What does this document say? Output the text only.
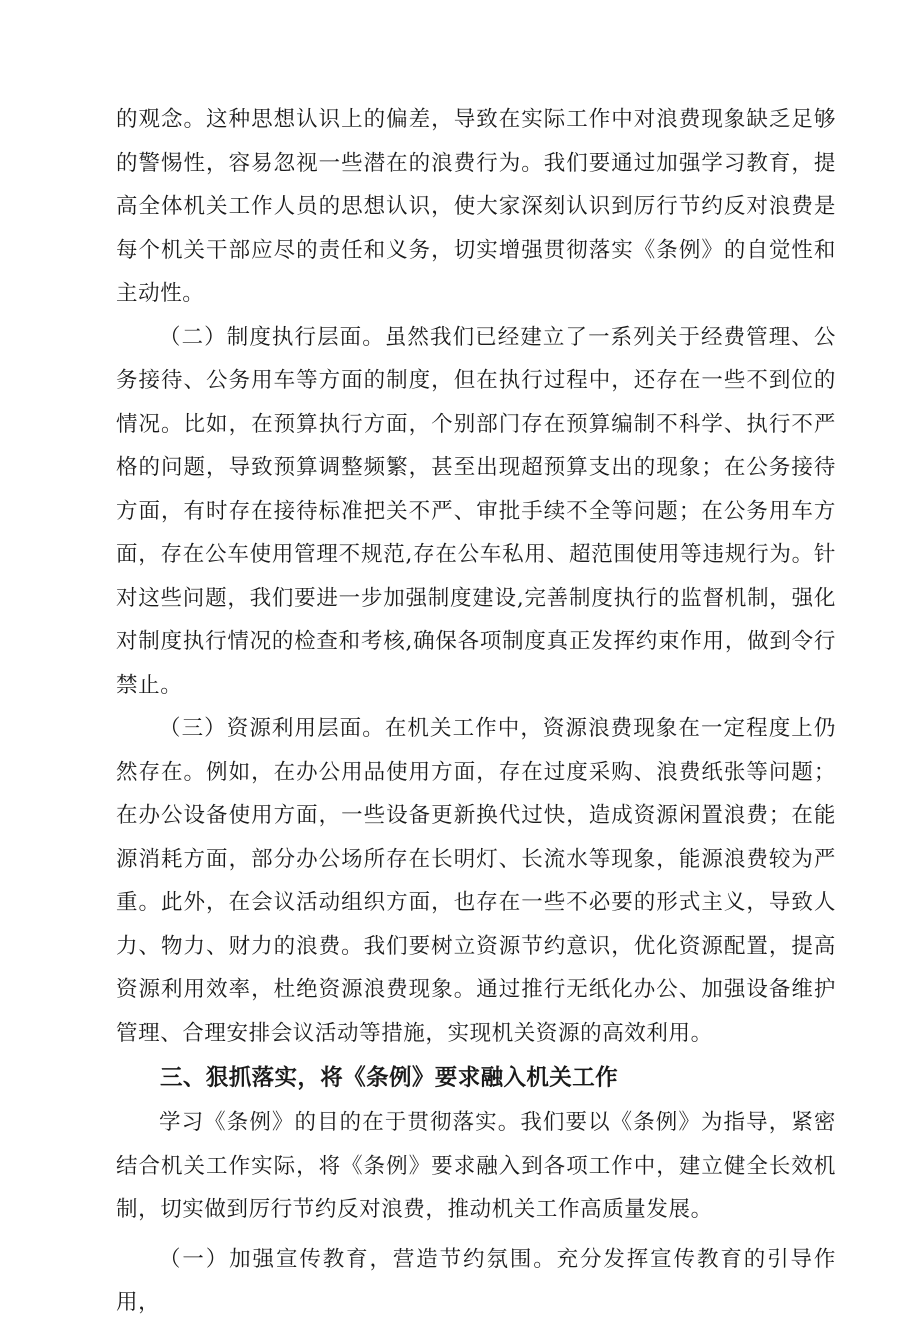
的观念。这种思想认识上的偏差，导致在实际工作中对浪费现象缺乏足够的警惕性，容易忽视一些潜在的浪费行为。我们要通过加强学习教育，提高全体机关工作人员的思想认识，使大家深刻认识到厉行节约反对浪费是每个机关干部应尽的责任和义务，切实增强贯彻落实《条例》的自觉性和主动性。

（二）制度执行层面。虽然我们已经建立了一系列关于经费管理、公务接待、公务用车等方面的制度，但在执行过程中，还存在一些不到位的情况。比如，在预算执行方面，个别部门存在预算编制不科学、执行不严格的问题，导致预算调整频繁，甚至出现超预算支出的现象；在公务接待方面，有时存在接待标准把关不严、审批手续不全等问题；在公务用车方面，存在公车使用管理不规范,存在公车私用、超范围使用等违规行为。针对这些问题，我们要进一步加强制度建设,完善制度执行的监督机制，强化对制度执行情况的检查和考核,确保各项制度真正发挥约束作用，做到令行禁止。

（三）资源利用层面。在机关工作中，资源浪费现象在一定程度上仍然存在。例如，在办公用品使用方面，存在过度采购、浪费纸张等问题；在办公设备使用方面，一些设备更新换代过快，造成资源闲置浪费；在能源消耗方面，部分办公场所存在长明灯、长流水等现象，能源浪费较为严重。此外，在会议活动组织方面，也存在一些不必要的形式主义，导致人力、物力、财力的浪费。我们要树立资源节约意识，优化资源配置，提高资源利用效率，杜绝资源浪费现象。通过推行无纸化办公、加强设备维护管理、合理安排会议活动等措施，实现机关资源的高效利用。

三、狠抓落实，将《条例》要求融入机关工作

学习《条例》的目的在于贯彻落实。我们要以《条例》为指导，紧密结合机关工作实际，将《条例》要求融入到各项工作中，建立健全长效机制，切实做到厉行节约反对浪费，推动机关工作高质量发展。

（一）加强宣传教育，营造节约氛围。充分发挥宣传教育的引导作用，
